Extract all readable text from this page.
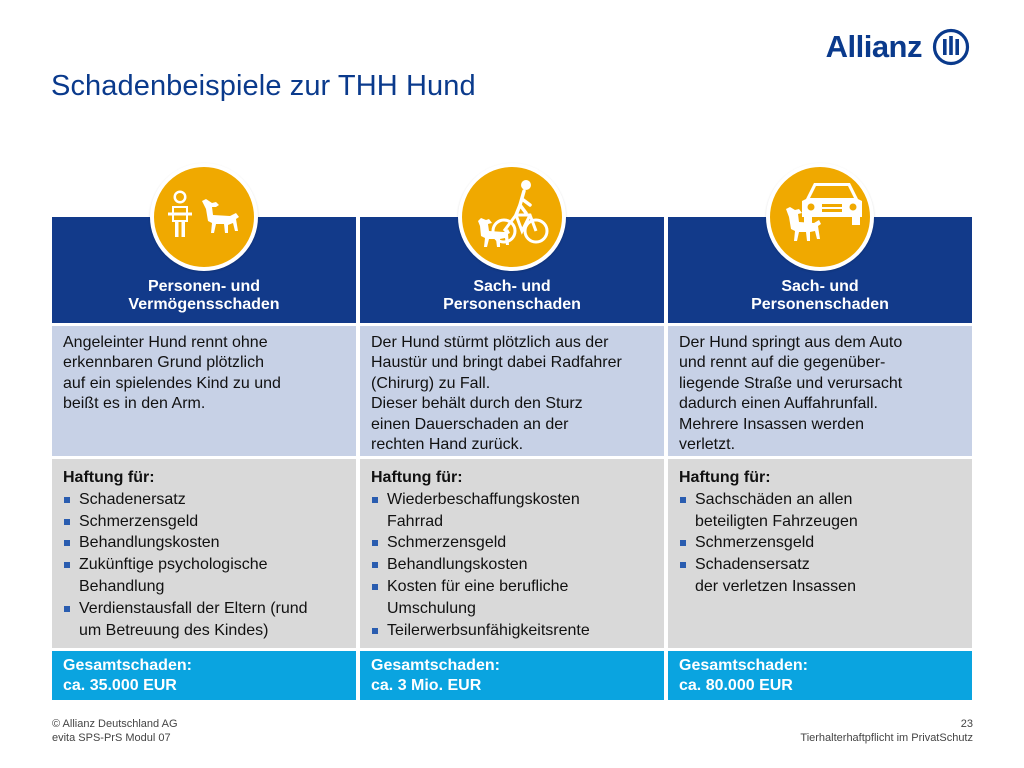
Schadenbeispiele zur THH Hund
Allianz
Personen- und
Vermögensschaden
Angeleinter Hund rennt ohne
erkennbaren Grund plötzlich
auf ein spielendes Kind zu und
beißt es in den Arm.
Haftung für:
Schadenersatz
Schmerzensgeld
Behandlungskosten
Zukünftige psychologische
Behandlung
Verdienstausfall der Eltern (rund
um Betreuung des Kindes)
Gesamtschaden:
ca. 35.000 EUR
Sach- und
Personenschaden
Der Hund stürmt plötzlich aus der
Haustür und bringt dabei Radfahrer
(Chirurg) zu Fall.
Dieser behält durch den Sturz
einen Dauerschaden an der
rechten Hand zurück.
Haftung für:
Wiederbeschaffungskosten
Fahrrad
Schmerzensgeld
Behandlungskosten
Kosten für eine berufliche
Umschulung
Teilerwerbsunfähigkeitsrente
Gesamtschaden:
ca. 3 Mio. EUR
Sach- und
Personenschaden
Der Hund springt aus dem Auto
und rennt auf die gegenüber-
liegende Straße und verursacht
dadurch einen Auffahrunfall.
Mehrere Insassen werden
verletzt.
Haftung für:
Sachschäden an allen
beteiligten Fahrzeugen
Schmerzensgeld
Schadensersatz
der verletzen Insassen
Gesamtschaden:
ca. 80.000 EUR
© Allianz Deutschland AG
evita SPS-PrS Modul 07
23
Tierhalterhaftpflicht im PrivatSchutz
